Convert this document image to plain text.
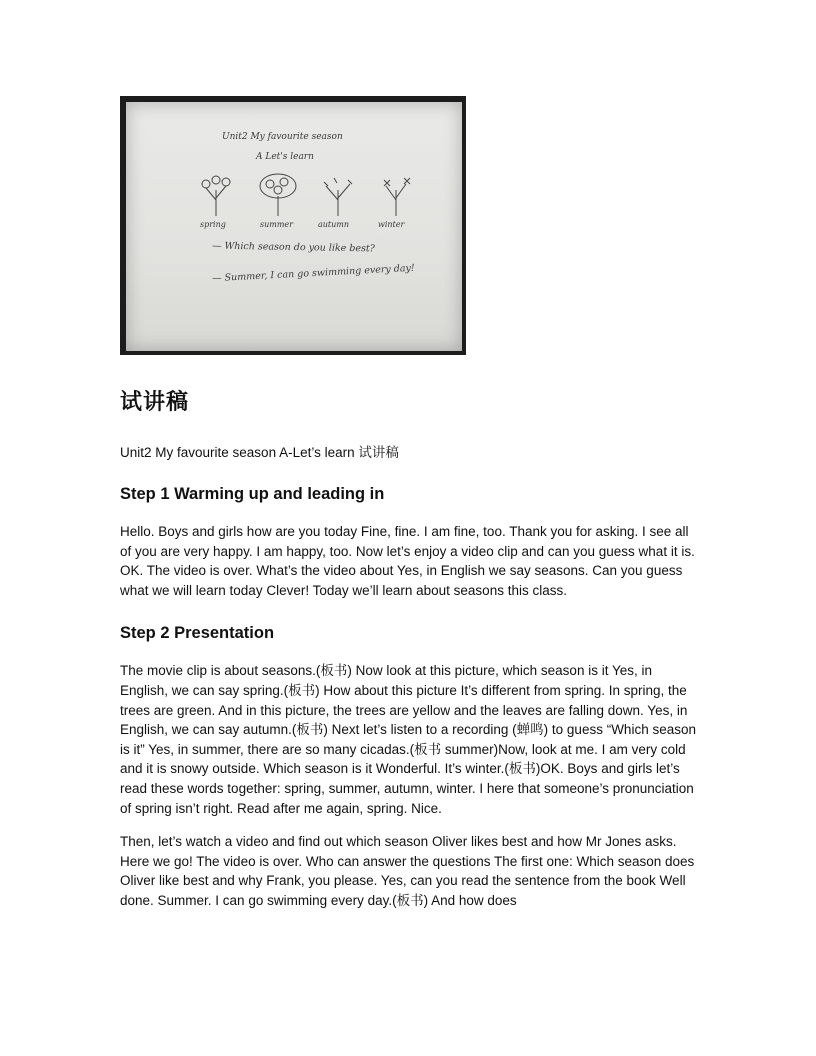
Unit2 My favourite season
A Let's learn
spring	summer	autumn	winter
— Which season do you like best?
— Summer, I can go swimming every day!
试讲稿
Unit2 My favourite season A-Let’s learn 试讲稿
Step 1 Warming up and leading in

Hello. Boys and girls how are you today Fine, fine. I am fine, too. Thank you for asking. I see all of you are very happy. I am happy, too. Now let’s enjoy a video clip and can you guess what it is. OK. The video is over. What’s the video about Yes, in English we say seasons. Can you guess what we will learn today Clever! Today we’ll learn about seasons this class.

Step 2 Presentation

The movie clip is about seasons.(板书) Now look at this picture, which season is it Yes, in English, we can say spring.(板书) How about this picture It’s different from spring. In spring, the trees are green. And in this picture, the trees are yellow and the leaves are falling down. Yes, in English, we can say autumn.(板书) Next let’s listen to a recording (蝉鸣) to guess “Which season is it” Yes, in summer, there are so many cicadas.(板书 summer)Now, look at me. I am very cold and it is snowy outside. Which season is it Wonderful. It’s winter.(板书)OK. Boys and girls let’s read these words together: spring, summer, autumn, winter. I here that someone’s pronunciation of spring isn’t right. Read after me again, spring. Nice.

Then, let’s watch a video and find out which season Oliver likes best and how Mr Jones asks. Here we go! The video is over. Who can answer the questions The first one: Which season does Oliver like best and why Frank, you please. Yes, can you read the sentence from the book Well done. Summer. I can go swimming every day.(板书) And how does
